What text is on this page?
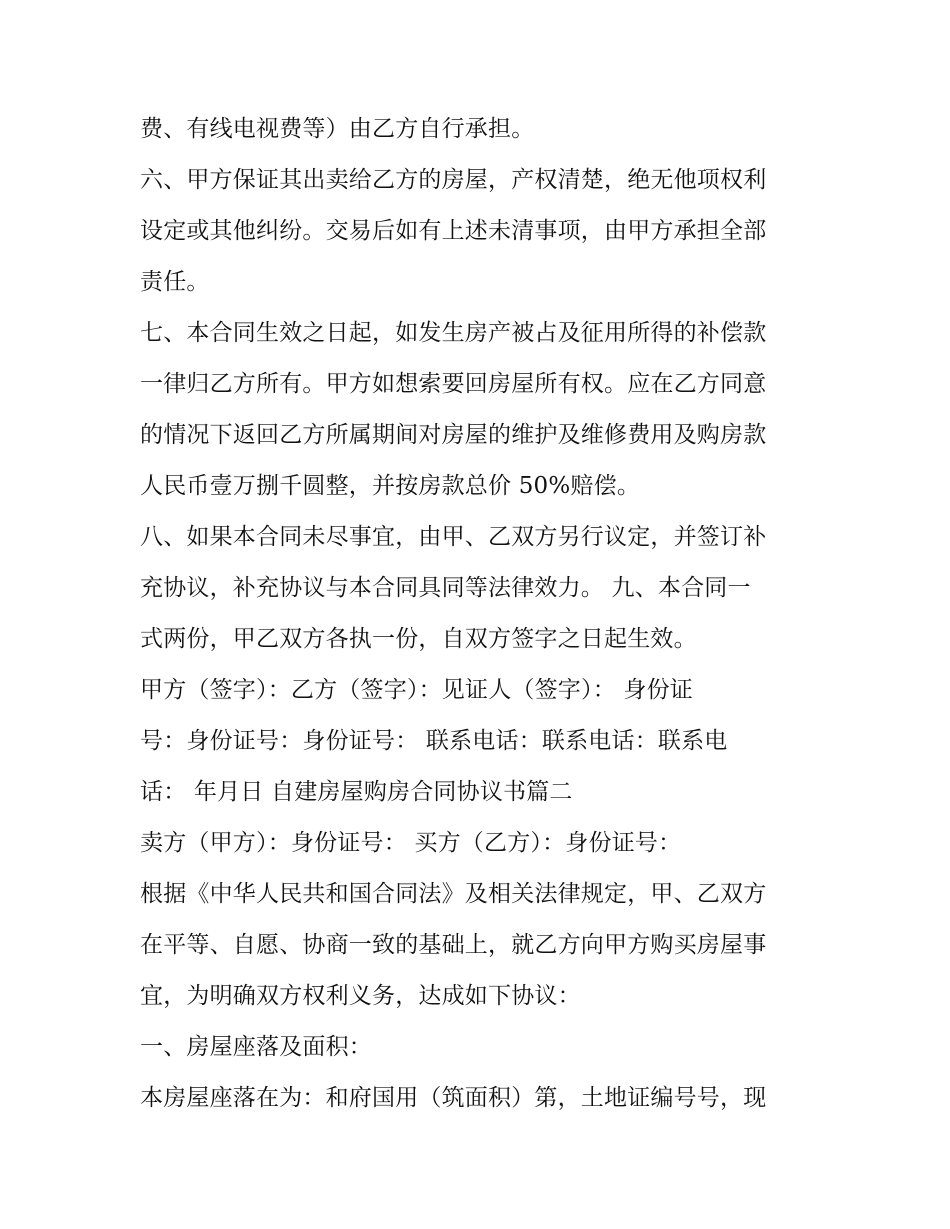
费、有线电视费等）由乙方自行承担。
六、甲方保证其出卖给乙方的房屋，产权清楚，绝无他项权利
设定或其他纠纷。交易后如有上述未清事项，由甲方承担全部
责任。
七、本合同生效之日起，如发生房产被占及征用所得的补偿款
一律归乙方所有。甲方如想索要回房屋所有权。应在乙方同意
的情况下返回乙方所属期间对房屋的维护及维修费用及购房款
人民币壹万捌千圆整，并按房款总价 50%赔偿。
八、如果本合同未尽事宜，由甲、乙双方另行议定，并签订补
充协议，补充协议与本合同具同等法律效力。 九、本合同一
式两份，甲乙双方各执一份，自双方签字之日起生效。
甲方（签字）：乙方（签字）：见证人（签字）： 身份证
号：身份证号：身份证号： 联系电话：联系电话：联系电
话： 年月日 自建房屋购房合同协议书篇二
卖方（甲方）：身份证号： 买方（乙方）：身份证号：
根据《中华人民共和国合同法》及相关法律规定，甲、乙双方
在平等、自愿、协商一致的基础上，就乙方向甲方购买房屋事
宜，为明确双方权利义务，达成如下协议：
一、房屋座落及面积：
本房屋座落在为：和府国用（筑面积）第，土地证编号号，现
